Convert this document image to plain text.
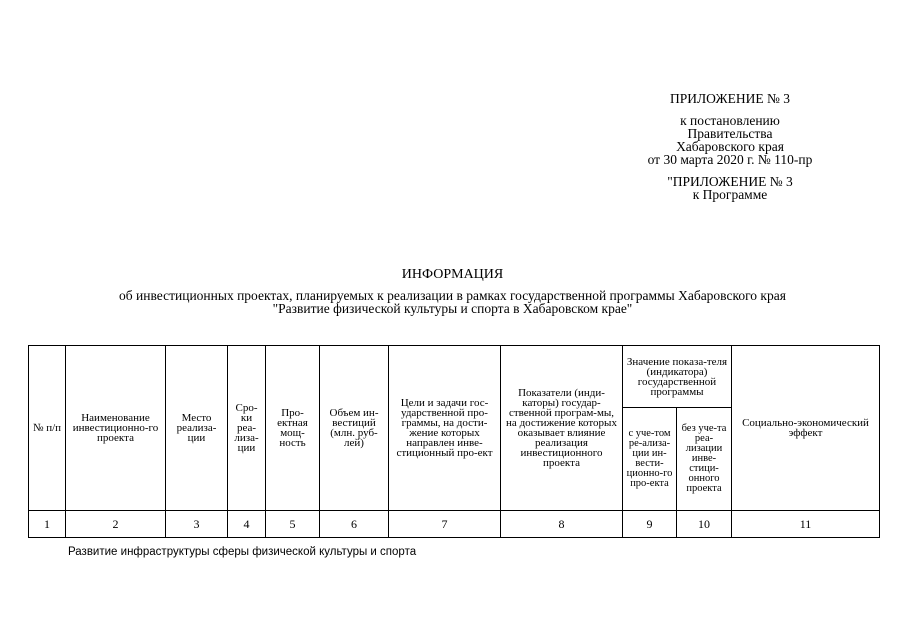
ПРИЛОЖЕНИЕ № 3
к постановлению
Правительства
Хабаровского края
от 30 марта 2020 г. № 110-пр
"ПРИЛОЖЕНИЕ № 3
к Программе
ИНФОРМАЦИЯ
об инвестиционных проектах, планируемых к реализации в рамках государственной программы Хабаровского края
"Развитие физической культуры и спорта в Хабаровском крае"
№ п/п	Наименование инвестиционно-го проекта	Место реализа-ции	Сро-ки реа-лиза-ции	Про-ектная мощ-ность	Объем ин-вестиций (млн. руб-лей)	Цели и задачи гос-ударственной про-граммы, на дости-жение которых направлен инве-стиционный про-ект	Показатели (инди-каторы) государ-ственной програм-мы, на достижение которых оказывает влияние реализация инвестиционного проекта	Значение показа-теля (индикатора) государственной программы		Социально-экономический эффект
								с уче-том ре-ализа-ции ин-вести-ционно-го про-екта	без уче-та реа-лизации инве-стици-онного проекта	
1	2	3	4	5	6	7	8	9	10	11
Развитие инфраструктуры сферы физической культуры и спорта
